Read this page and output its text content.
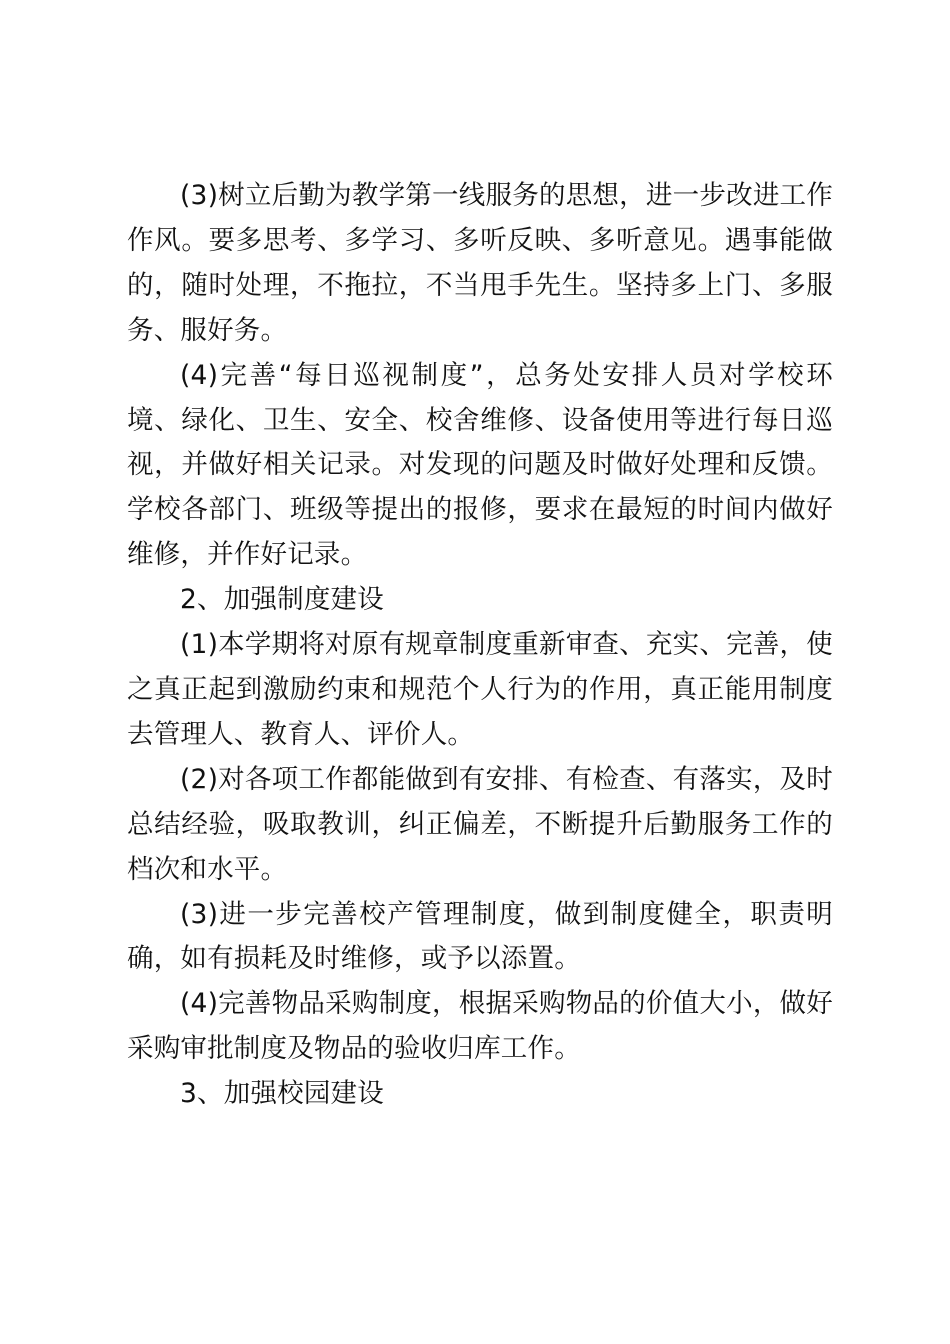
(3)树立后勤为教学第一线服务的思想，进一步改进工作作风。要多思考、多学习、多听反映、多听意见。遇事能做的，随时处理，不拖拉，不当甩手先生。坚持多上门、多服务、服好务。

(4)完善“每日巡视制度”，总务处安排人员对学校环境、绿化、卫生、安全、校舍维修、设备使用等进行每日巡视，并做好相关记录。对发现的问题及时做好处理和反馈。学校各部门、班级等提出的报修，要求在最短的时间内做好维修，并作好记录。

2、加强制度建设

(1)本学期将对原有规章制度重新审查、充实、完善，使之真正起到激励约束和规范个人行为的作用，真正能用制度去管理人、教育人、评价人。

(2)对各项工作都能做到有安排、有检查、有落实，及时总结经验，吸取教训，纠正偏差，不断提升后勤服务工作的档次和水平。

(3)进一步完善校产管理制度，做到制度健全，职责明确，如有损耗及时维修，或予以添置。

(4)完善物品采购制度，根据采购物品的价值大小，做好采购审批制度及物品的验收归库工作。

3、加强校园建设
